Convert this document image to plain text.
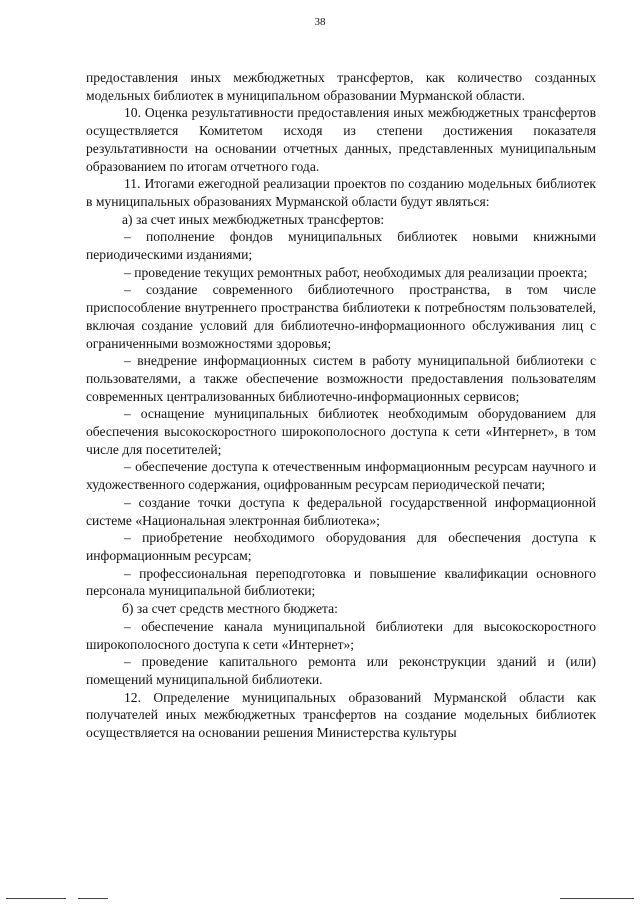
38

предоставления иных межбюджетных трансфертов, как количество созданных модельных библиотек в муниципальном образовании Мурманской области.

10. Оценка результативности предоставления иных межбюджетных трансфертов осуществляется Комитетом исходя из степени достижения показателя результативности на основании отчетных данных, представленных муниципальным образованием по итогам отчетного года.

11. Итогами ежегодной реализации проектов по созданию модельных библиотек в муниципальных образованиях Мурманской области будут являться:

а) за счет иных межбюджетных трансфертов:

– пополнение фондов муниципальных библиотек новыми книжными периодическими изданиями;

– проведение текущих ремонтных работ, необходимых для реализации проекта;

– создание современного библиотечного пространства, в том числе приспособление внутреннего пространства библиотеки к потребностям пользователей, включая создание условий для библиотечно-информационного обслуживания лиц с ограниченными возможностями здоровья;

– внедрение информационных систем в работу муниципальной библиотеки с пользователями, а также обеспечение возможности предоставления пользователям современных централизованных библиотечно-информационных сервисов;

– оснащение муниципальных библиотек необходимым оборудованием для обеспечения высокоскоростного широкополосного доступа к сети «Интернет», в том числе для посетителей;

– обеспечение доступа к отечественным информационным ресурсам научного и художественного содержания, оцифрованным ресурсам периодической печати;

– создание точки доступа к федеральной государственной информационной системе «Национальная электронная библиотека»;

– приобретение необходимого оборудования для обеспечения доступа к информационным ресурсам;

– профессиональная переподготовка и повышение квалификации основного персонала муниципальной библиотеки;

б) за счет средств местного бюджета:

– обеспечение канала муниципальной библиотеки для высокоскоростного широкополосного доступа к сети «Интернет»;

– проведение капитального ремонта или реконструкции зданий и (или) помещений муниципальной библиотеки.

12. Определение муниципальных образований Мурманской области как получателей иных межбюджетных трансфертов на создание модельных библиотек осуществляется на основании решения Министерства культуры
